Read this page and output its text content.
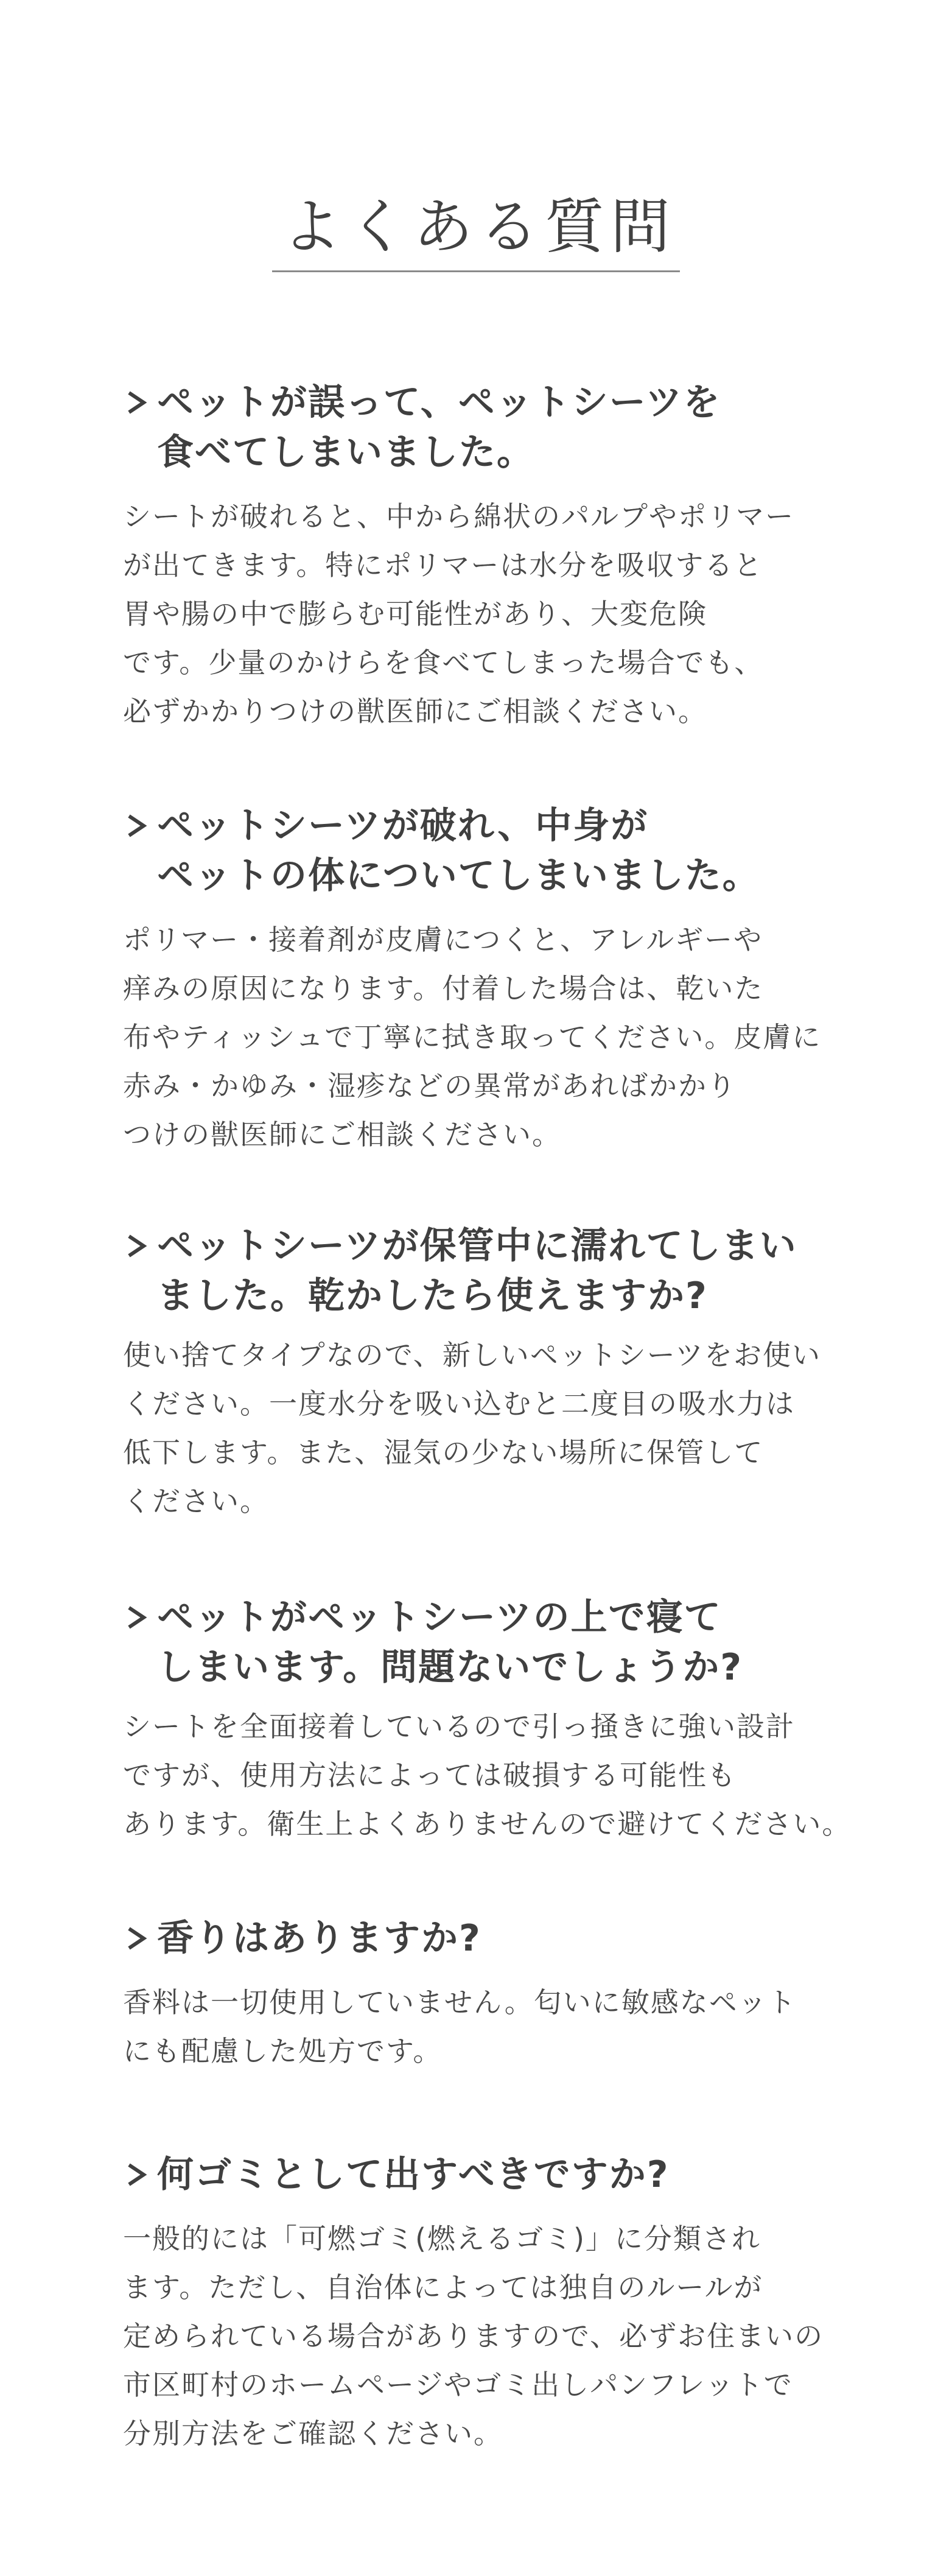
よくある質問
ペットが誤って、ペットシーツを
食べてしまいました。
シートが破れると、中から綿状のパルプやポリマー
が出てきます。特にポリマーは水分を吸収すると
胃や腸の中で膨らむ可能性があり、大変危険
です。少量のかけらを食べてしまった場合でも、
必ずかかりつけの獣医師にご相談ください。
ペットシーツが破れ、中身が
ペットの体についてしまいました。
ポリマー・接着剤が皮膚につくと、アレルギーや
痒みの原因になります。付着した場合は、乾いた
布やティッシュで丁寧に拭き取ってください。皮膚に
赤み・かゆみ・湿疹などの異常があればかかり
つけの獣医師にご相談ください。
ペットシーツが保管中に濡れてしまい
ました。乾かしたら使えますか?
使い捨てタイプなので、新しいペットシーツをお使い
ください。一度水分を吸い込むと二度目の吸水力は
低下します。また、湿気の少ない場所に保管して
ください。
ペットがペットシーツの上で寝て
しまいます。問題ないでしょうか?
シートを全面接着しているので引っ掻きに強い設計
ですが、使用方法によっては破損する可能性も
あります。衛生上よくありませんので避けてください。
香りはありますか?
香料は一切使用していません。匂いに敏感なペット
にも配慮した処方です。
何ゴミとして出すべきですか?
一般的には「可燃ゴミ(燃えるゴミ)」に分類され
ます。ただし、自治体によっては独自のルールが
定められている場合がありますので、必ずお住まいの
市区町村のホームページやゴミ出しパンフレットで
分別方法をご確認ください。
